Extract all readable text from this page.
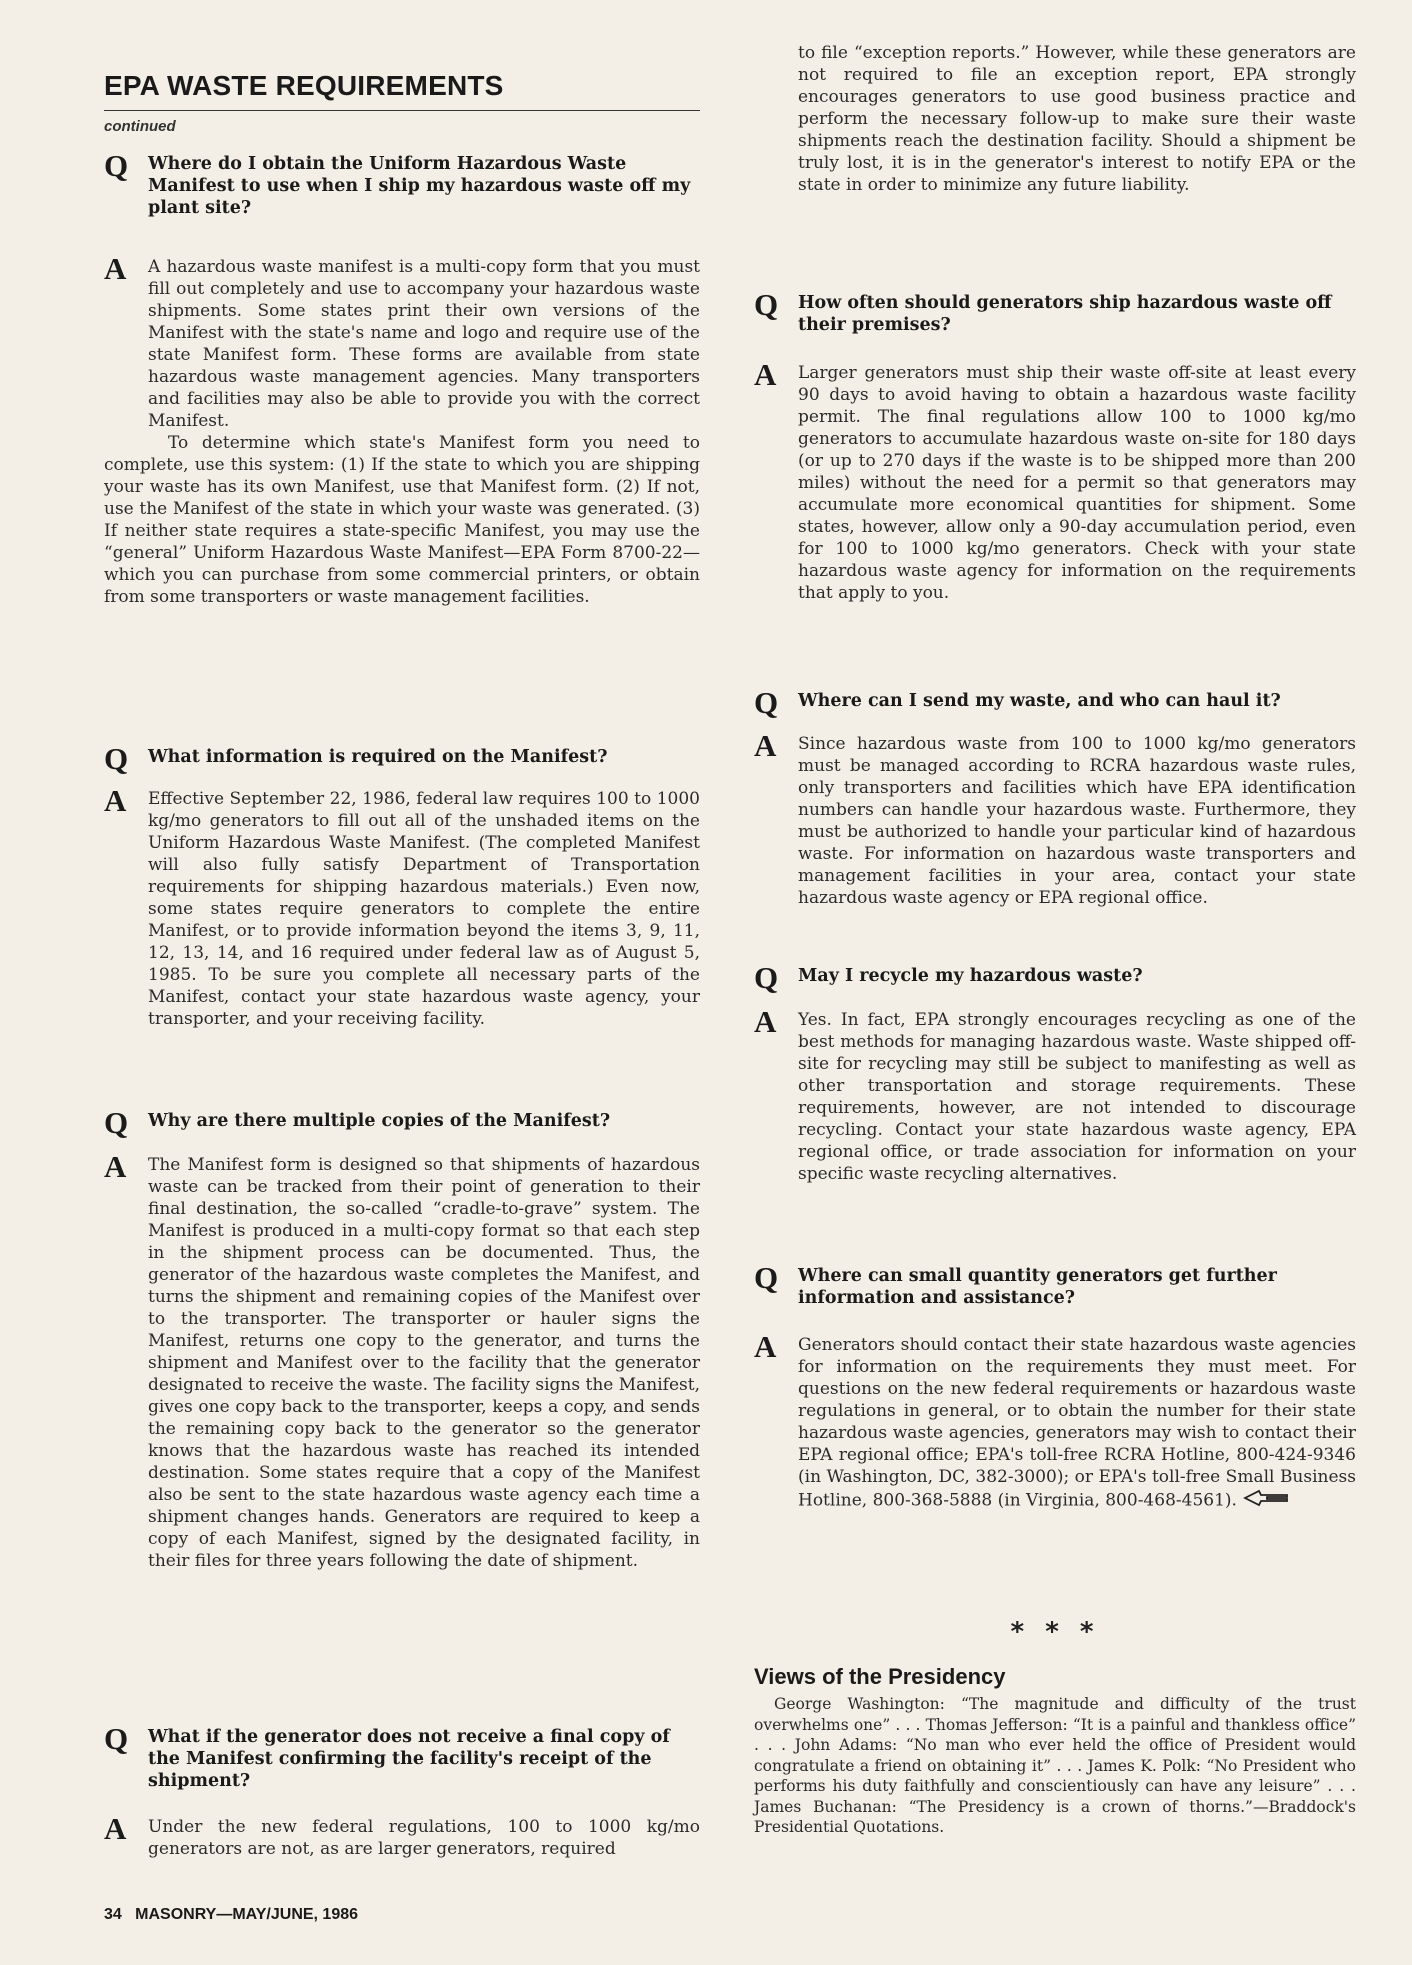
EPA WASTE REQUIREMENTS
continued
Q Where do I obtain the Uniform Hazardous Waste Manifest to use when I ship my hazardous waste off my plant site?
A A hazardous waste manifest is a multi-copy form that you must fill out completely and use to accompany your hazardous waste shipments. Some states print their own versions of the Manifest with the state's name and logo and require use of the state Manifest form. These forms are available from state hazardous waste management agencies. Many transporters and facilities may also be able to provide you with the correct Manifest.

To determine which state's Manifest form you need to complete, use this system: (1) If the state to which you are shipping your waste has its own Manifest, use that Manifest form. (2) If not, use the Manifest of the state in which your waste was generated. (3) If neither state requires a state-specific Manifest, you may use the “general” Uniform Hazardous Waste Manifest—EPA Form 8700-22—which you can purchase from some commercial printers, or obtain from some transporters or waste management facilities.

Q What information is required on the Manifest?
A Effective September 22, 1986, federal law requires 100 to 1000 kg/mo generators to fill out all of the unshaded items on the Uniform Hazardous Waste Manifest. (The completed Manifest will also fully satisfy Department of Transportation requirements for shipping hazardous materials.) Even now, some states require generators to complete the entire Manifest, or to provide information beyond the items 3, 9, 11, 12, 13, 14, and 16 required under federal law as of August 5, 1985. To be sure you complete all necessary parts of the Manifest, contact your state hazardous waste agency, your transporter, and your receiving facility.

Q Why are there multiple copies of the Manifest?
A The Manifest form is designed so that shipments of hazardous waste can be tracked from their point of generation to their final destination, the so-called “cradle-to-grave” system. The Manifest is produced in a multi-copy format so that each step in the shipment process can be documented. Thus, the generator of the hazardous waste completes the Manifest, and turns the shipment and remaining copies of the Manifest over to the transporter. The transporter or hauler signs the Manifest, returns one copy to the generator, and turns the shipment and Manifest over to the facility that the generator designated to receive the waste. The facility signs the Manifest, gives one copy back to the transporter, keeps a copy, and sends the remaining copy back to the generator so the generator knows that the hazardous waste has reached its intended destination. Some states require that a copy of the Manifest also be sent to the state hazardous waste agency each time a shipment changes hands. Generators are required to keep a copy of each Manifest, signed by the designated facility, in their files for three years following the date of shipment.

Q What if the generator does not receive a final copy of the Manifest confirming the facility's receipt of the shipment?
A Under the new federal regulations, 100 to 1000 kg/mo generators are not, as are larger generators, required

to file “exception reports.” However, while these generators are not required to file an exception report, EPA strongly encourages generators to use good business practice and perform the necessary follow-up to make sure their waste shipments reach the destination facility. Should a shipment be truly lost, it is in the generator's interest to notify EPA or the state in order to minimize any future liability.
Q How often should generators ship hazardous waste off their premises?
A Larger generators must ship their waste off-site at least every 90 days to avoid having to obtain a hazardous waste facility permit. The final regulations allow 100 to 1000 kg/mo generators to accumulate hazardous waste on-site for 180 days (or up to 270 days if the waste is to be shipped more than 200 miles) without the need for a permit so that generators may accumulate more economical quantities for shipment. Some states, however, allow only a 90-day accumulation period, even for 100 to 1000 kg/mo generators. Check with your state hazardous waste agency for information on the requirements that apply to you.

Q Where can I send my waste, and who can haul it?
A Since hazardous waste from 100 to 1000 kg/mo generators must be managed according to RCRA hazardous waste rules, only transporters and facilities which have EPA identification numbers can handle your hazardous waste. Furthermore, they must be authorized to handle your particular kind of hazardous waste. For information on hazardous waste transporters and management facilities in your area, contact your state hazardous waste agency or EPA regional office.

Q May I recycle my hazardous waste?
A Yes. In fact, EPA strongly encourages recycling as one of the best methods for managing hazardous waste. Waste shipped off-site for recycling may still be subject to manifesting as well as other transportation and storage requirements. These requirements, however, are not intended to discourage recycling. Contact your state hazardous waste agency, EPA regional office, or trade association for information on your specific waste recycling alternatives.

Q Where can small quantity generators get further information and assistance?
A Generators should contact their state hazardous waste agencies for information on the requirements they must meet. For questions on the new federal requirements or hazardous waste regulations in general, or to obtain the number for their state hazardous waste agencies, generators may wish to contact their EPA regional office; EPA's toll-free RCRA Hotline, 800-424-9346 (in Washington, DC, 382-3000); or EPA's toll-free Small Business Hotline, 800-368-5888 (in Virginia, 800-468-4561).

* * *
Views of the Presidency
George Washington: “The magnitude and difficulty of the trust overwhelms one” . . . Thomas Jefferson: “It is a painful and thankless office” . . . John Adams: “No man who ever held the office of President would congratulate a friend on obtaining it” . . . James K. Polk: “No President who performs his duty faithfully and conscientiously can have any leisure” . . . James Buchanan: “The Presidency is a crown of thorns.”—Braddock's Presidential Quotations.
34 MASONRY—MAY/JUNE, 1986
